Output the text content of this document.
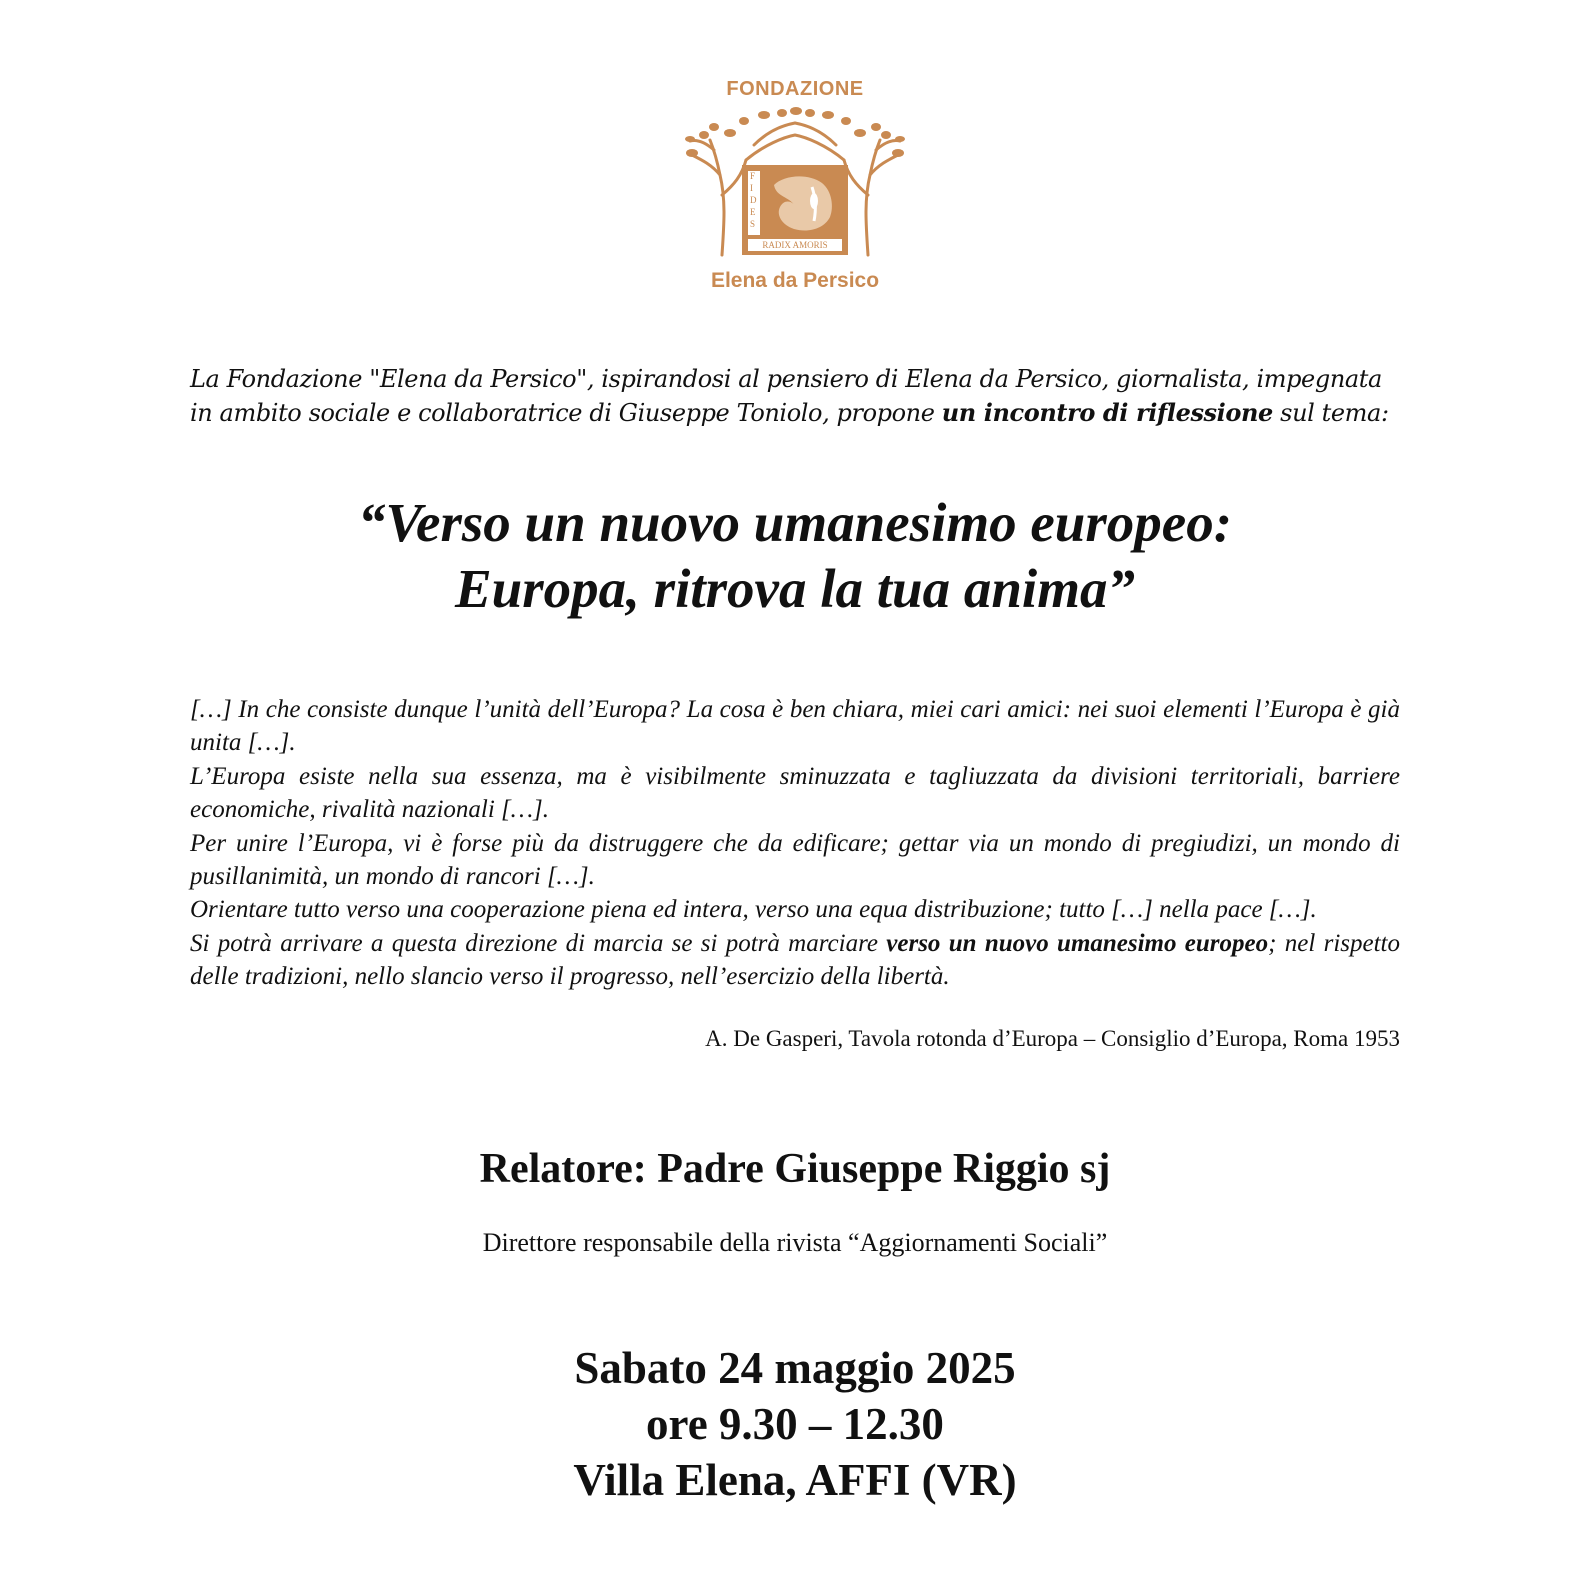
FONDAZIONE
F
I
D
E
S
RADIX AMORIS
Elena da Persico
La Fondazione "Elena da Persico", ispirandosi al pensiero di Elena da Persico, giornalista, impegnata in ambito sociale e collaboratrice di Giuseppe Toniolo, propone un incontro di riflessione sul tema:
“Verso un nuovo umanesimo europeo:
Europa, ritrova la tua anima”

[…] In che consiste dunque l’unità dell’Europa? La cosa è ben chiara, miei cari amici: nei suoi elementi l’Europa è già unita […].

L’Europa esiste nella sua essenza, ma è visibilmente sminuzzata e tagliuzzata da divisioni territoriali, barriere economiche, rivalità nazionali […].

Per unire l’Europa, vi è forse più da distruggere che da edificare; gettar via un mondo di pregiudizi, un mondo di pusillanimità, un mondo di rancori […].

Orientare tutto verso una cooperazione piena ed intera, verso una equa distribuzione; tutto […] nella pace […].

Si potrà arrivare a questa direzione di marcia se si potrà marciare verso un nuovo umanesimo europeo; nel rispetto delle tradizioni, nello slancio verso il progresso, nell’esercizio della libertà.

A. De Gasperi, Tavola rotonda d’Europa – Consiglio d’Europa, Roma 1953
Relatore: Padre Giuseppe Riggio sj
Direttore responsabile della rivista “Aggiornamenti Sociali”
Sabato 24 maggio 2025
ore 9.30 – 12.30
Villa Elena, AFFI (VR)
